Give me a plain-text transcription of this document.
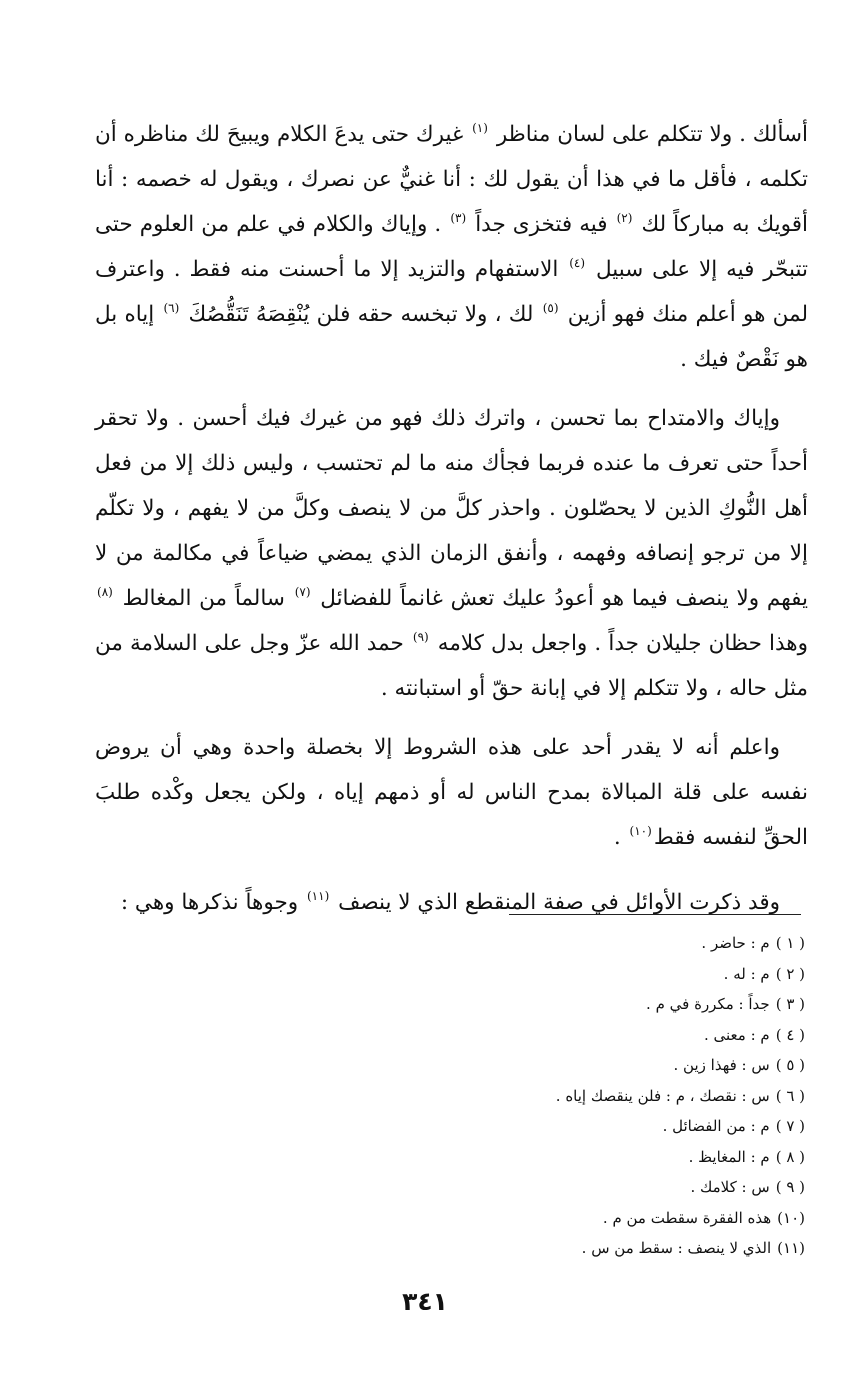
أسألك . ولا تتكلم على لسان مناظر $^{(١)}$ غيرك حتى يدعَ الكلام ويبيحَ لك مناظره أن تكلمه ، فأقل ما في هذا أن يقول لك : أنا غنيٌّ عن نصرك ، ويقول له خصمه : أنا أقويك به مباركاً لك $^{(٢)}$ فيه فتخزى جداً $^{(٣)}$ . وإياك والكلام في علم من العلوم حتى تتبحّر فيه إلا على سبيل $^{(٤)}$ الاستفهام والتزيد إلا ما أحسنت منه فقط . واعترف لمن هو أعلم منك فهو أزين $^{(٥)}$ لك ، ولا تبخسه حقه فلن يُنْقِصَهُ تَنَقُّصُكَ $^{(٦)}$ إياه بل هو نَقْصٌ فيك .

وإياك والامتداح بما تحسن ، واترك ذلك فهو من غيرك فيك أحسن . ولا تحقر أحداً حتى تعرف ما عنده فربما فجأك منه ما لم تحتسب ، وليس ذلك إلا من فعل أهل النُّوكِ الذين لا يحصّلون . واحذر كلَّ من لا ينصف وكلَّ من لا يفهم ، ولا تكلّم إلا من ترجو إنصافه وفهمه ، وأنفق الزمان الذي يمضي ضياعاً في مكالمة من لا يفهم ولا ينصف فيما هو أعودُ عليك تعش غانماً للفضائل $^{(٧)}$ سالماً من المغالط $^{(٨)}$ وهذا حظان جليلان جداً . واجعل بدل كلامه $^{(٩)}$ حمد الله عزّ وجل على السلامة من مثل حاله ، ولا تتكلم إلا في إبانة حقّ أو استبانته .

واعلم أنه لا يقدر أحد على هذه الشروط إلا بخصلة واحدة وهي أن يروض نفسه على قلة المبالاة بمدح الناس له أو ذمهم إياه ، ولكن يجعل وكْده طلبَ الحقِّ لنفسه فقط$^{(١٠)}$ .

وقد ذكرت الأوائل في صفة المنقطع الذي لا ينصف $^{(١١)}$ وجوهاً نذكرها وهي :

( ١ )م : حاضر .
( ٢ )م : له .
( ٣ )جداً : مكررة في م .
( ٤ )م : معنى .
( ٥ )س : فهذا زين .
( ٦ )س : نقصك ، م : فلن ينقصك إياه .
( ٧ )م : من الفضائل .
( ٨ )م : المغايظ .
( ٩ )س : كلامك .
(١٠)هذه الفقرة سقطت من م .
(١١)الذي لا ينصف : سقط من س .
٣٤١
